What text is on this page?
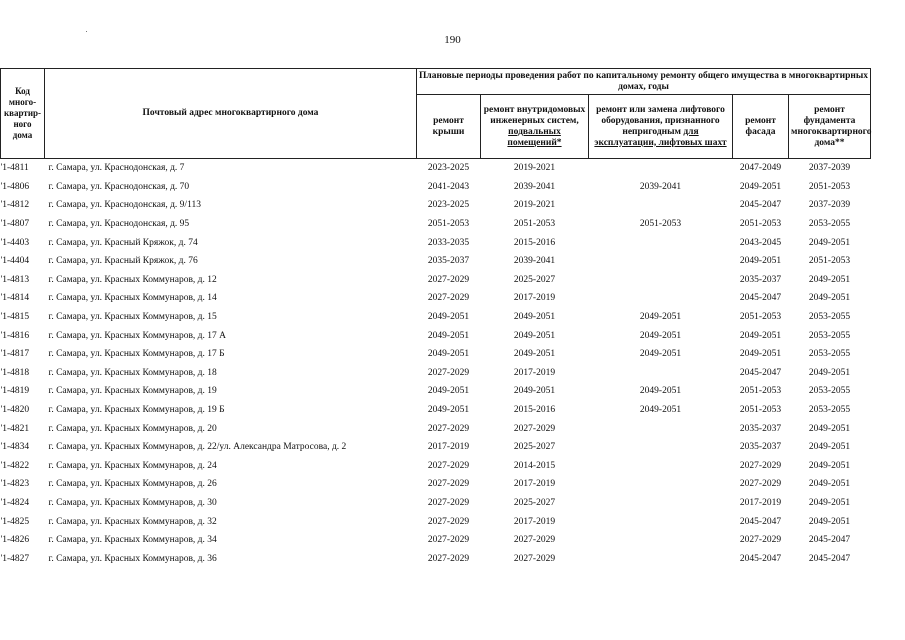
190
Код много-квартир-ного дома	Почтовый адрес многоквартирного дома	Плановые периоды проведения работ по капитальному ремонту общего имущества в многоквартирных домах, годы				
		ремонт крыши	ремонт внутридомовых инженерных систем, подвальных помещений*	ремонт или замена лифтового оборудования, признанного непригодным для эксплуатации, лифтовых шахт	ремонт фасада	ремонт фундамента многоквартирного дома**
'1-4811	г. Самара, ул. Краснодонская, д. 7	2023-2025	2019-2021		2047-2049	2037-2039
'1-4806	г. Самара, ул. Краснодонская, д. 70	2041-2043	2039-2041	2039-2041	2049-2051	2051-2053
'1-4812	г. Самара, ул. Краснодонская, д. 9/113	2023-2025	2019-2021		2045-2047	2037-2039
'1-4807	г. Самара, ул. Краснодонская, д. 95	2051-2053	2051-2053	2051-2053	2051-2053	2053-2055
'1-4403	г. Самара, ул. Красный Кряжок, д. 74	2033-2035	2015-2016		2043-2045	2049-2051
'1-4404	г. Самара, ул. Красный Кряжок, д. 76	2035-2037	2039-2041		2049-2051	2051-2053
'1-4813	г. Самара, ул. Красных Коммунаров, д. 12	2027-2029	2025-2027		2035-2037	2049-2051
'1-4814	г. Самара, ул. Красных Коммунаров, д. 14	2027-2029	2017-2019		2045-2047	2049-2051
'1-4815	г. Самара, ул. Красных Коммунаров, д. 15	2049-2051	2049-2051	2049-2051	2051-2053	2053-2055
'1-4816	г. Самара, ул. Красных Коммунаров, д. 17 А	2049-2051	2049-2051	2049-2051	2049-2051	2053-2055
'1-4817	г. Самара, ул. Красных Коммунаров, д. 17 Б	2049-2051	2049-2051	2049-2051	2049-2051	2053-2055
'1-4818	г. Самара, ул. Красных Коммунаров, д. 18	2027-2029	2017-2019		2045-2047	2049-2051
'1-4819	г. Самара, ул. Красных Коммунаров, д. 19	2049-2051	2049-2051	2049-2051	2051-2053	2053-2055
'1-4820	г. Самара, ул. Красных Коммунаров, д. 19 Б	2049-2051	2015-2016	2049-2051	2051-2053	2053-2055
'1-4821	г. Самара, ул. Красных Коммунаров, д. 20	2027-2029	2027-2029		2035-2037	2049-2051
'1-4834	г. Самара, ул. Красных Коммунаров, д. 22/ул. Александра Матросова, д. 2	2017-2019	2025-2027		2035-2037	2049-2051
'1-4822	г. Самара, ул. Красных Коммунаров, д. 24	2027-2029	2014-2015		2027-2029	2049-2051
'1-4823	г. Самара, ул. Красных Коммунаров, д. 26	2027-2029	2017-2019		2027-2029	2049-2051
'1-4824	г. Самара, ул. Красных Коммунаров, д. 30	2027-2029	2025-2027		2017-2019	2049-2051
'1-4825	г. Самара, ул. Красных Коммунаров, д. 32	2027-2029	2017-2019		2045-2047	2049-2051
'1-4826	г. Самара, ул. Красных Коммунаров, д. 34	2027-2029	2027-2029		2027-2029	2045-2047
'1-4827	г. Самара, ул. Красных Коммунаров, д. 36	2027-2029	2027-2029		2045-2047	2045-2047
